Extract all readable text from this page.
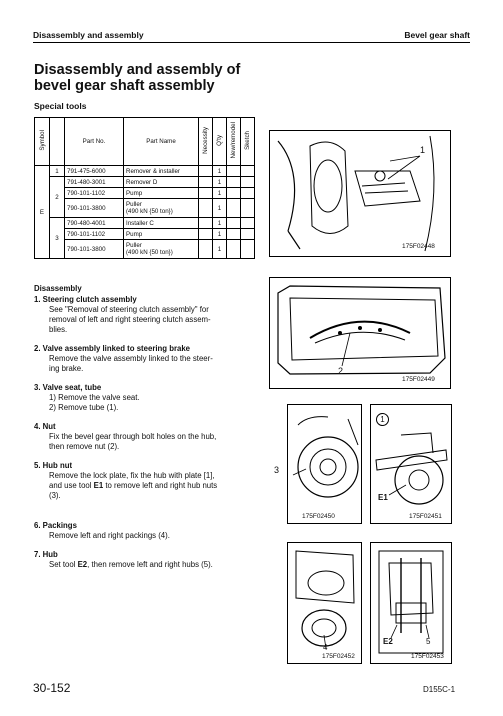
Disassembly and assembly	Bevel gear shaft
Disassembly and assembly of
bevel gear shaft assembly
Special tools
Symbol		Part No.	Part Name	Necessity	Q'ty	New/remodel	Sketch
E	1	791-475-6000	Remover & installer		1		
	2	791-480-3001	Remover D		1		
		790-101-1102	Pump		1		
		790-101-3800	Puller
(490 kN {50 ton})		1		
	3	790-480-4001	Installer C		1		
		790-101-1102	Pump		1		
		790-101-3800	Puller
(490 kN {50 ton})		1		
Disassembly
1. Steering clutch assembly
See "Removal of steering clutch assembly" for
removal of left and right steering clutch assem-
blies.
2. Valve assembly linked to steering brake
Remove the valve assembly linked to the steer-
ing brake.
3. Valve seat, tube
1) Remove the valve seat.
2) Remove tube (1).
4. Nut
Fix the bevel gear through bolt holes on the hub,
then remove nut (2).
5. Hub nut
Remove the lock plate, fix the hub with plate [1],
and use tool E1 to remove left and right hub nuts
(3).
6. Packings
Remove left and right packings (4).
7. Hub
Set tool E2, then remove left and right hubs (5).
1
175F02448
2
175F02449
3
175F02450
1
E1
175F02451
4
175F02452
E2	5
175F02453
30-152	D155C-1
